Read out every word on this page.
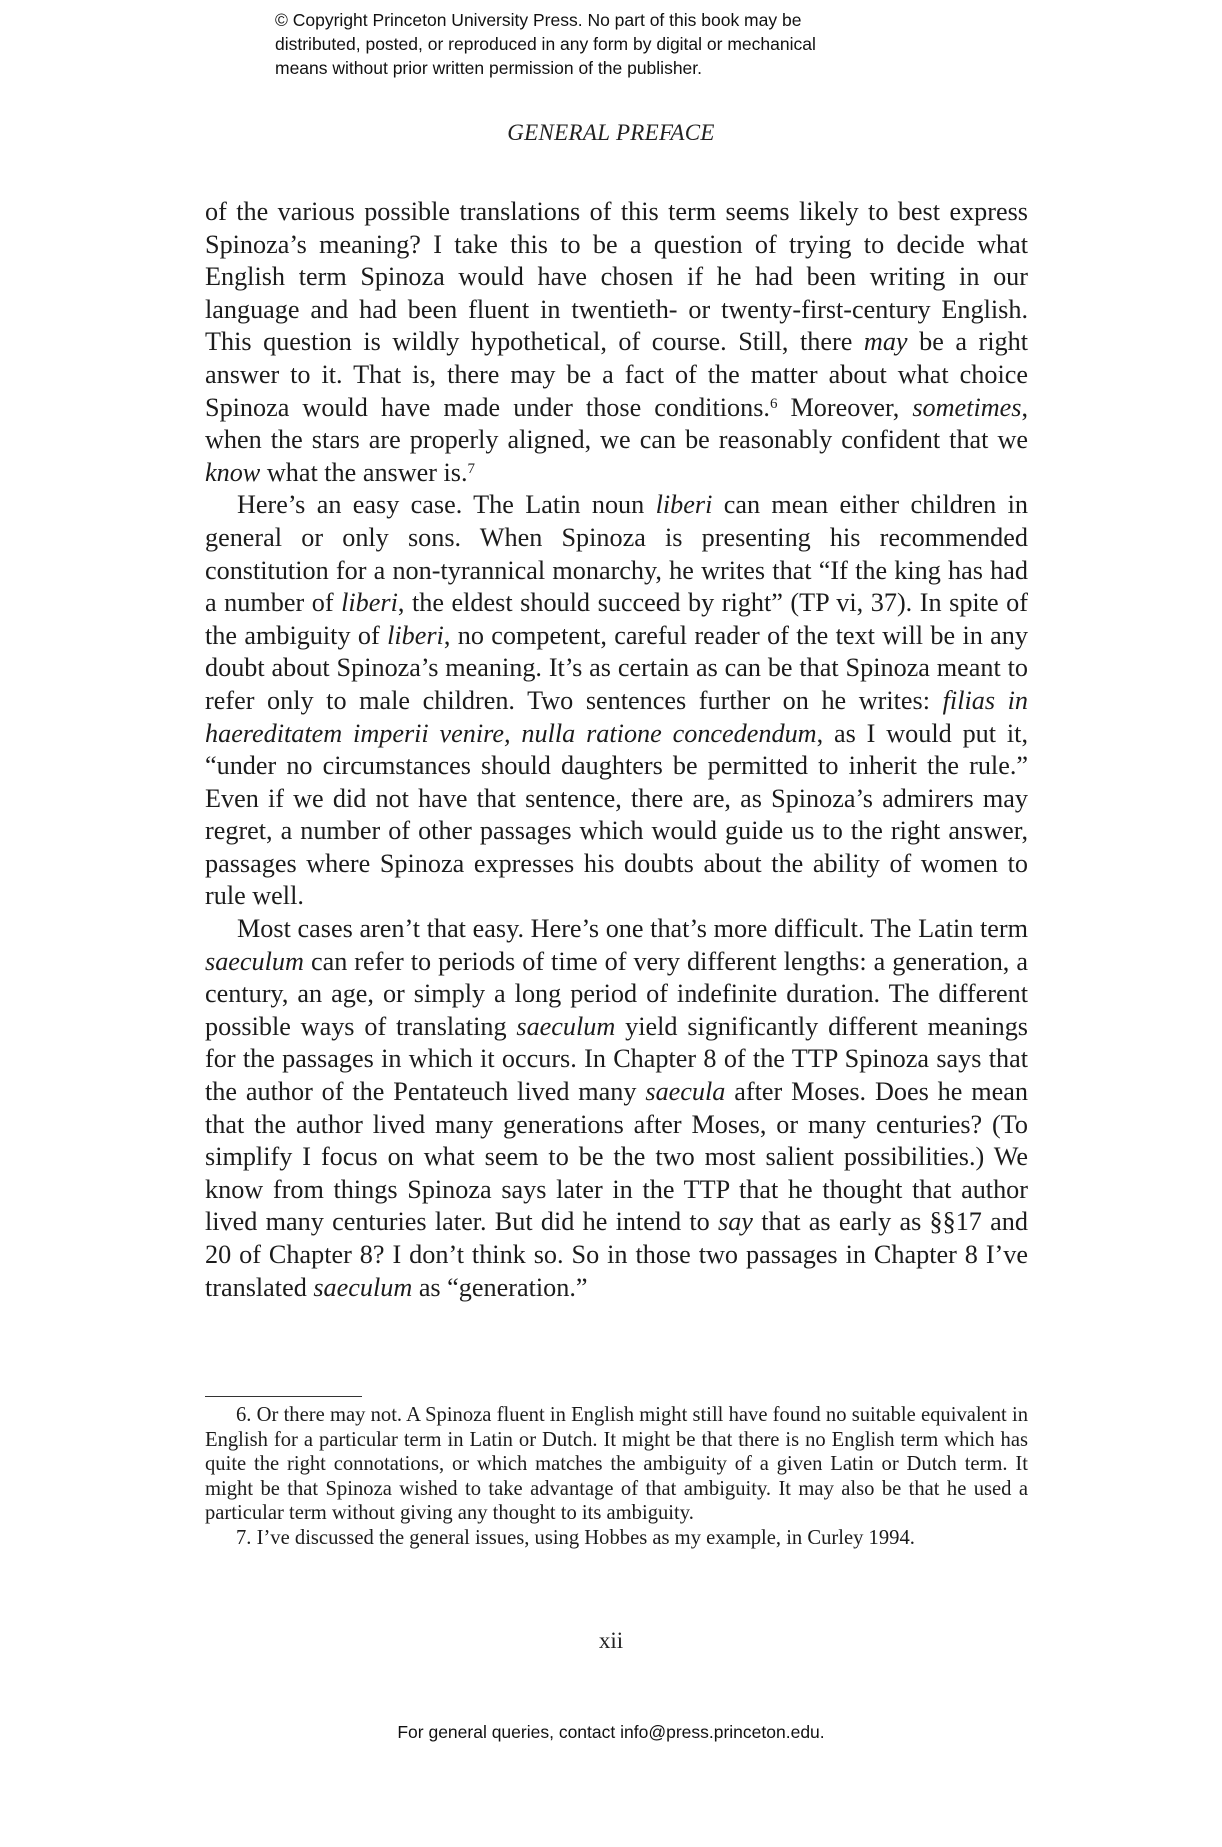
© Copyright Princeton University Press. No part of this book may be
distributed, posted, or reproduced in any form by digital or mechanical
means without prior written permission of the publisher.
GENERAL PREFACE

of the various possible translations of this term seems likely to best express Spinoza’s meaning? I take this to be a question of trying to decide what English term Spinoza would have chosen if he had been writing in our language and had been fluent in twentieth- or twenty-first-century English. This question is wildly hypothetical, of course. Still, there may be a right answer to it. That is, there may be a fact of the matter about what choice Spinoza would have made under those conditions.$^6$ Moreover, sometimes, when the stars are properly aligned, we can be reasonably confident that we know what the answer is.$^7$

Here’s an easy case. The Latin noun liberi can mean either children in general or only sons. When Spinoza is presenting his recommended constitution for a non-tyrannical monarchy, he writes that “If the king has had a number of liberi, the eldest should succeed by right” (TP vi, 37). In spite of the ambiguity of liberi, no competent, careful reader of the text will be in any doubt about Spinoza’s meaning. It’s as certain as can be that Spinoza meant to refer only to male children. Two sentences further on he writes: filias in haereditatem imperii venire, nulla ratione concedendum, as I would put it, “under no circumstances should daughters be permitted to inherit the rule.” Even if we did not have that sentence, there are, as Spinoza’s admirers may regret, a number of other passages which would guide us to the right answer, passages where Spinoza expresses his doubts about the ability of women to rule well.

Most cases aren’t that easy. Here’s one that’s more difficult. The Latin term saeculum can refer to periods of time of very different lengths: a generation, a century, an age, or simply a long period of indefinite duration. The different possible ways of translating saeculum yield significantly different meanings for the passages in which it occurs. In Chapter 8 of the TTP Spinoza says that the author of the Pentateuch lived many saecula after Moses. Does he mean that the author lived many generations after Moses, or many centuries? (To simplify I focus on what seem to be the two most salient possibilities.) We know from things Spinoza says later in the TTP that he thought that author lived many centuries later. But did he intend to say that as early as §§17 and 20 of Chapter 8? I don’t think so. So in those two passages in Chapter 8 I’ve translated saeculum as “generation.”

6. Or there may not. A Spinoza fluent in English might still have found no suitable equivalent in English for a particular term in Latin or Dutch. It might be that there is no English term which has quite the right connotations, or which matches the ambiguity of a given Latin or Dutch term. It might be that Spinoza wished to take advantage of that ambiguity. It may also be that he used a particular term without giving any thought to its ambiguity.

7. I’ve discussed the general issues, using Hobbes as my example, in Curley 1994.

xii
For general queries, contact info@press.princeton.edu.
